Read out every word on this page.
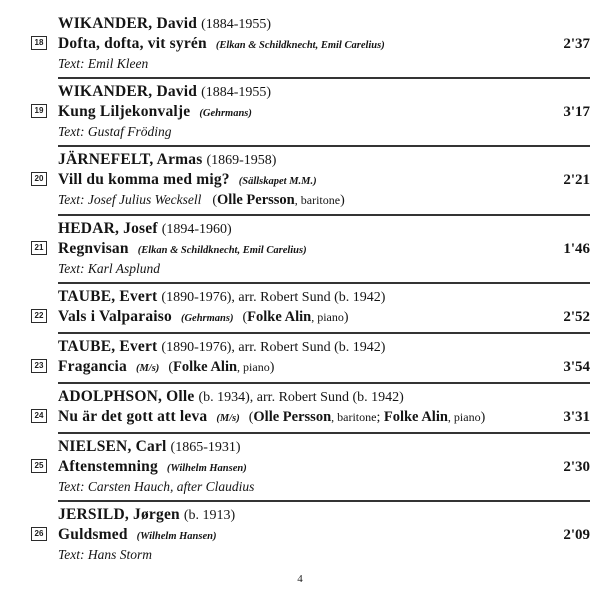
WIKANDER, David (1884-1955)
18 Dofta, dofta, vit syrén (Elkan & Schildknecht, Emil Carelius)	2'37
Text: Emil Kleen
WIKANDER, David (1884-1955)
19 Kung Liljekonvalje (Gehrmans)	3'17
Text: Gustaf Fröding
JÄRNEFELT, Armas (1869-1958)
20 Vill du komma med mig? (Sällskapet M.M.)	2'21
Text: Josef Julius Wecksell (Olle Persson, baritone)
HEDAR, Josef (1894-1960)
21 Regnvisan (Elkan & Schildknecht, Emil Carelius)	1'46
Text: Karl Asplund
TAUBE, Evert (1890-1976), arr. Robert Sund (b. 1942)
22 Vals i Valparaiso (Gehrmans) (Folke Alin, piano)	2'52
TAUBE, Evert (1890-1976), arr. Robert Sund (b. 1942)
23 Fragancia (M/s) (Folke Alin, piano)	3'54
ADOLPHSON, Olle (b. 1934), arr. Robert Sund (b. 1942)
24 Nu är det gott att leva (M/s) (Olle Persson, baritone; Folke Alin, piano)	3'31
NIELSEN, Carl (1865-1931)
25 Aftenstemning (Wilhelm Hansen)	2'30
Text: Carsten Hauch, after Claudius
JERSILD, Jørgen (b. 1913)
26 Guldsmed (Wilhelm Hansen)	2'09
Text: Hans Storm
4
